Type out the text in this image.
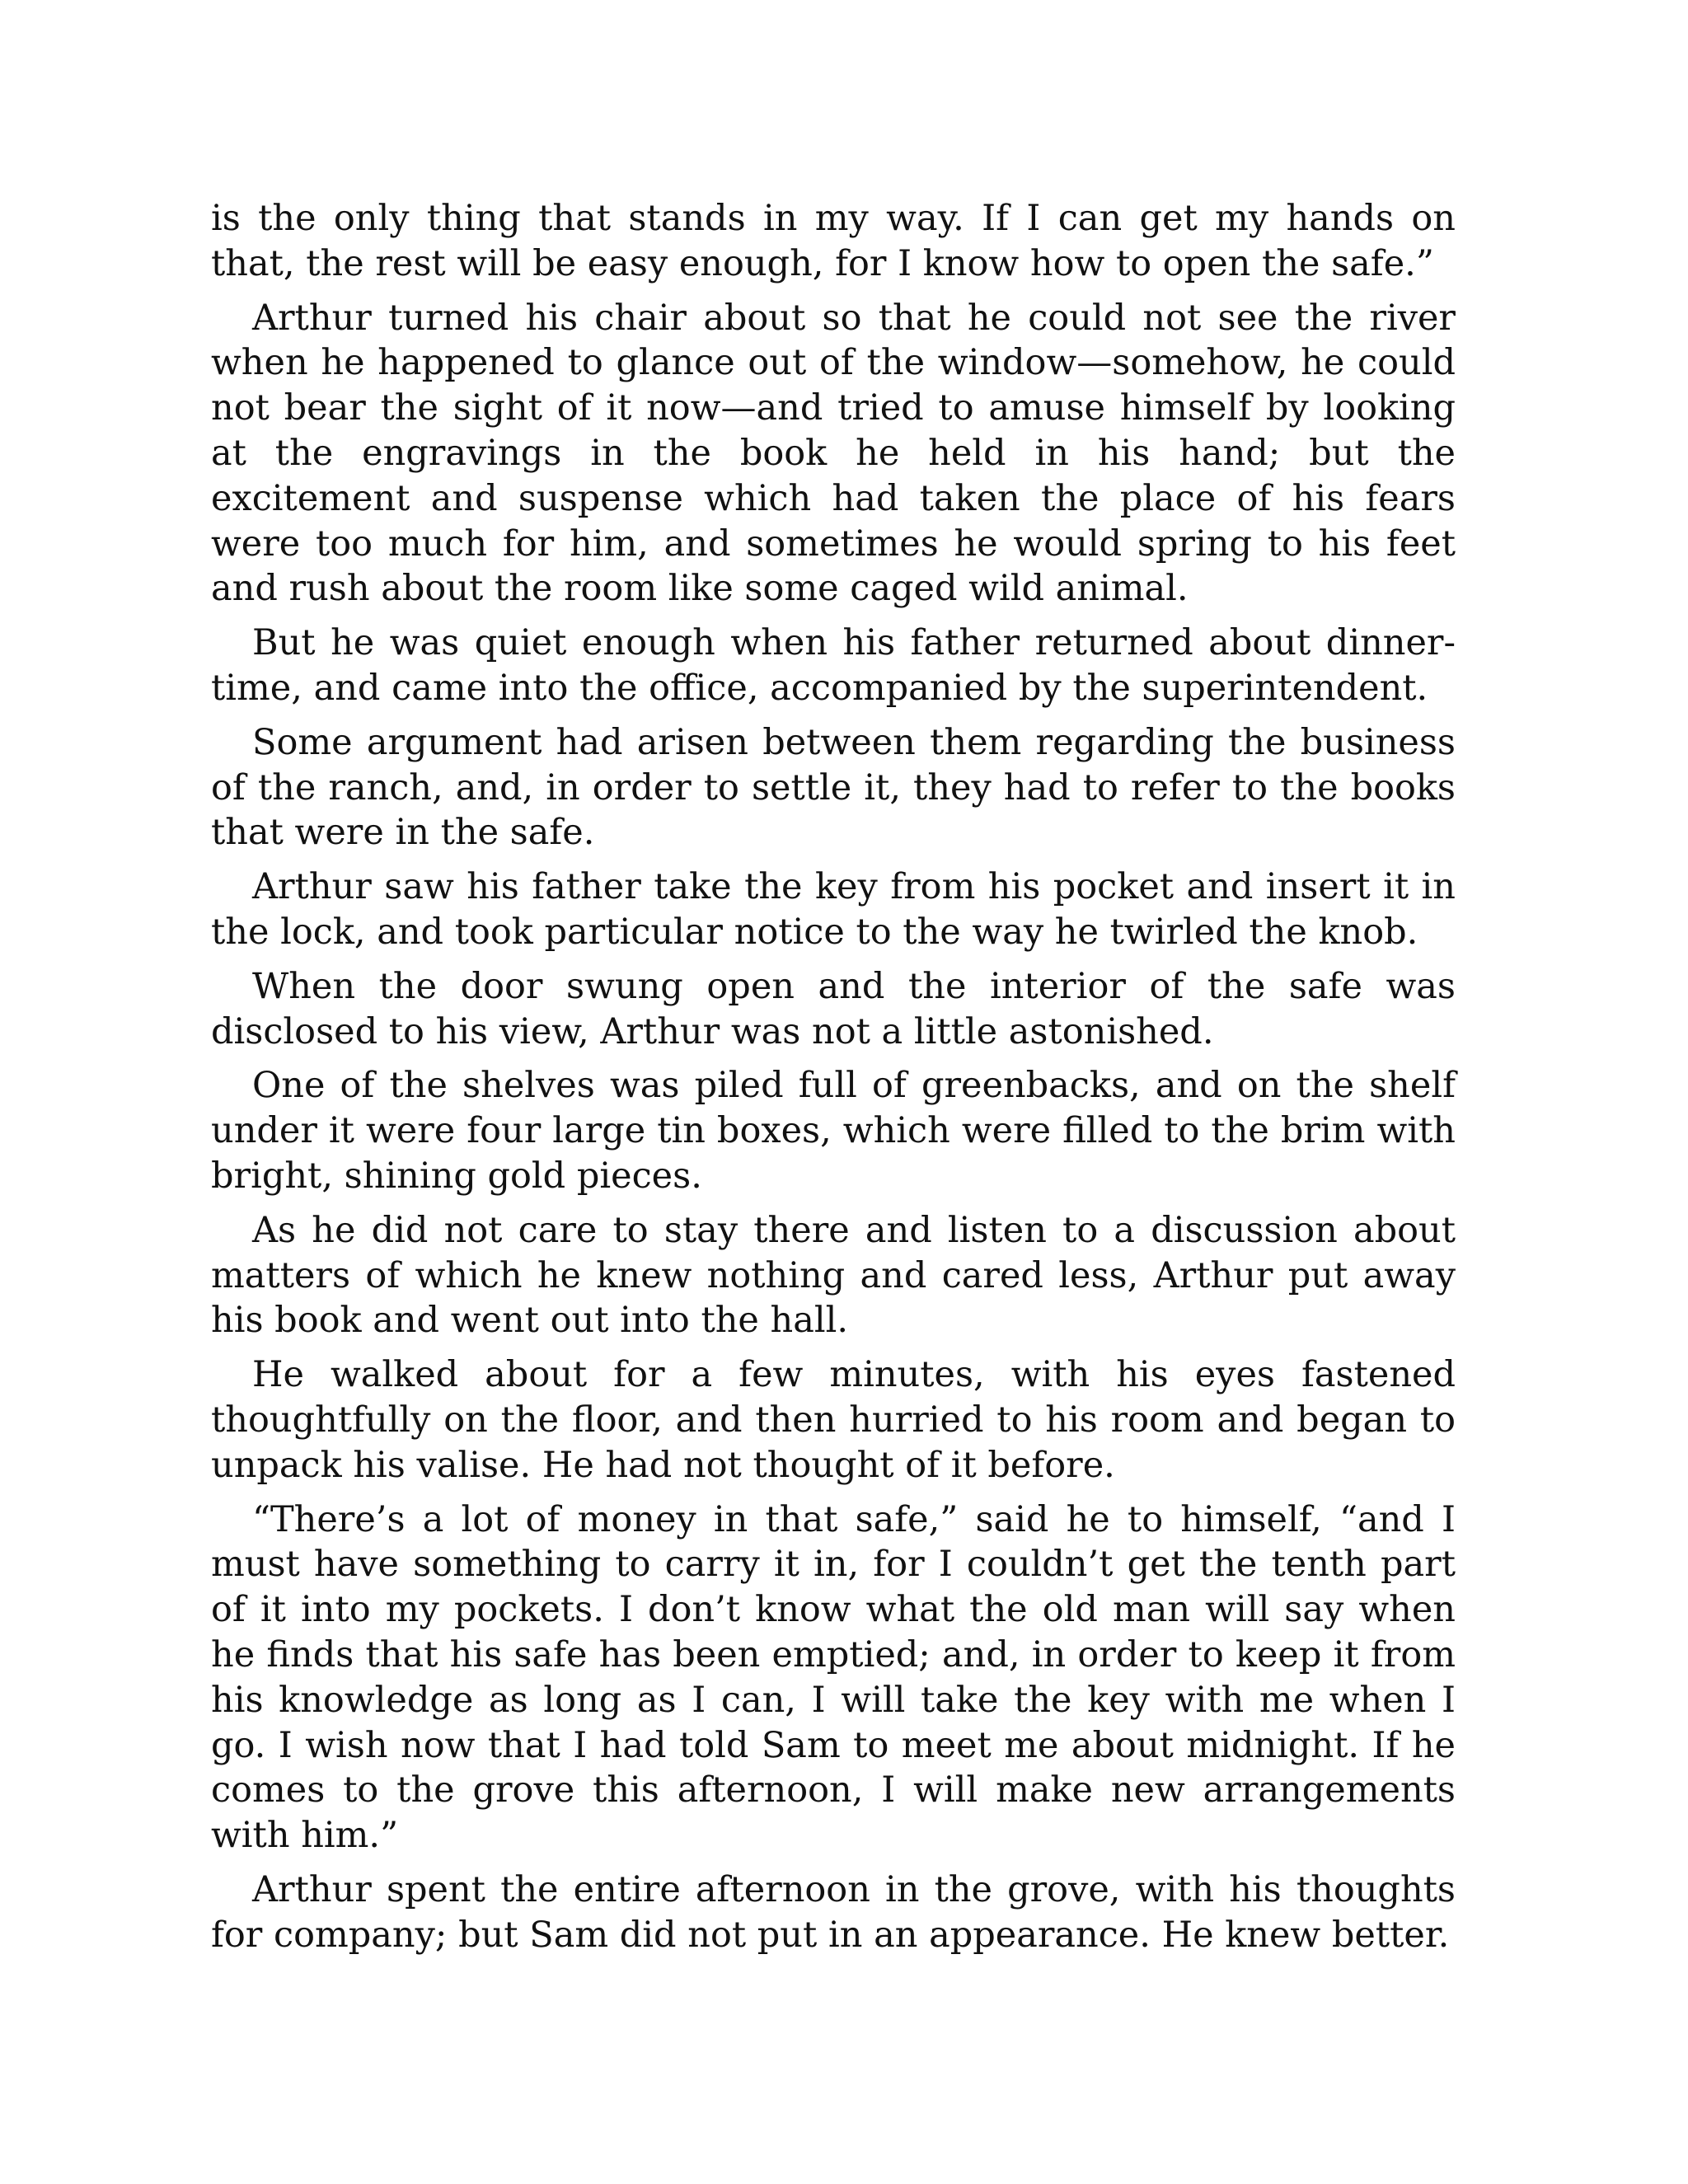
is the only thing that stands in my way. If I can get my hands on that, the rest will be easy enough, for I know how to open the safe.”

Arthur turned his chair about so that he could not see the river when he happened to glance out of the window—somehow, he could not bear the sight of it now—and tried to amuse himself by looking at the engravings in the book he held in his hand; but the excitement and suspense which had taken the place of his fears were too much for him, and sometimes he would spring to his feet and rush about the room like some caged wild animal.

But he was quiet enough when his father returned about dinner-time, and came into the office, accompanied by the superintendent.

Some argument had arisen between them regarding the business of the ranch, and, in order to settle it, they had to refer to the books that were in the safe.

Arthur saw his father take the key from his pocket and insert it in the lock, and took particular notice to the way he twirled the knob.

When the door swung open and the interior of the safe was disclosed to his view, Arthur was not a little astonished.

One of the shelves was piled full of greenbacks, and on the shelf under it were four large tin boxes, which were filled to the brim with bright, shining gold pieces.

As he did not care to stay there and listen to a discussion about matters of which he knew nothing and cared less, Arthur put away his book and went out into the hall.

He walked about for a few minutes, with his eyes fastened thoughtfully on the floor, and then hurried to his room and began to unpack his valise. He had not thought of it before.

“There’s a lot of money in that safe,” said he to himself, “and I must have something to carry it in, for I couldn’t get the tenth part of it into my pockets. I don’t know what the old man will say when he finds that his safe has been emptied; and, in order to keep it from his knowledge as long as I can, I will take the key with me when I go. I wish now that I had told Sam to meet me about midnight. If he comes to the grove this afternoon, I will make new arrangements with him.”

Arthur spent the entire afternoon in the grove, with his thoughts for company; but Sam did not put in an appearance. He knew better.
